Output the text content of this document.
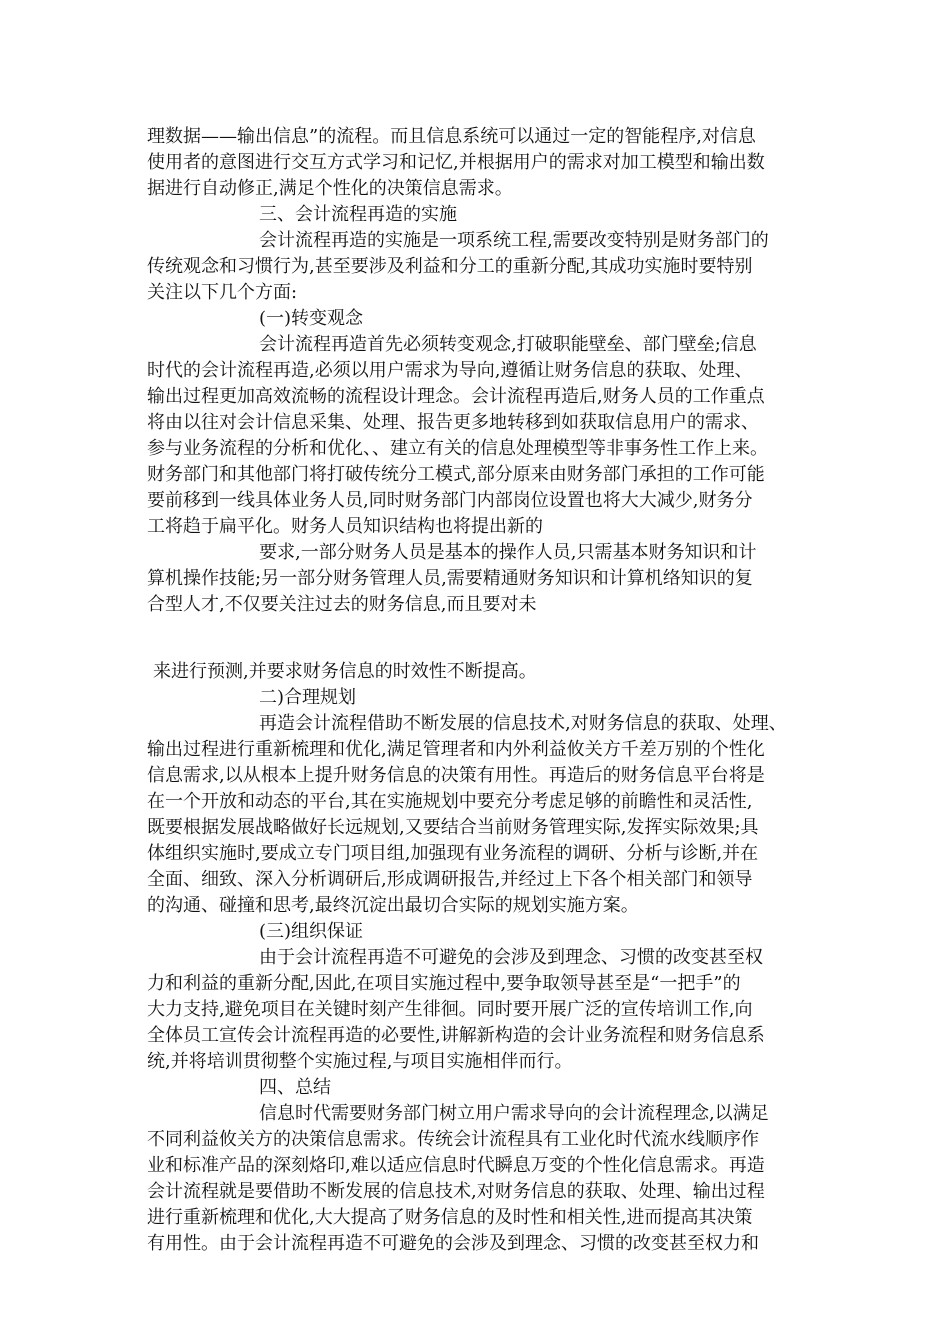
理数据——输出信息”的流程。而且信息系统可以通过一定的智能程序,对信息

使用者的意图进行交互方式学习和记忆,并根据用户的需求对加工模型和输出数

据进行自动修正,满足个性化的决策信息需求。

三、会计流程再造的实施

会计流程再造的实施是一项系统工程,需要改变特别是财务部门的

传统观念和习惯行为,甚至要涉及利益和分工的重新分配,其成功实施时要特别

关注以下几个方面:

(一)转变观念

会计流程再造首先必须转变观念,打破职能壁垒、部门壁垒;信息

时代的会计流程再造,必须以用户需求为导向,遵循让财务信息的获取、处理、

输出过程更加高效流畅的流程设计理念。会计流程再造后,财务人员的工作重点

将由以往对会计信息采集、处理、报告更多地转移到如获取信息用户的需求、

参与业务流程的分析和优化、、建立有关的信息处理模型等非事务性工作上来。

财务部门和其他部门将打破传统分工模式,部分原来由财务部门承担的工作可能

要前移到一线具体业务人员,同时财务部门内部岗位设置也将大大减少,财务分

工将趋于扁平化。财务人员知识结构也将提出新的

要求,一部分财务人员是基本的操作人员,只需基本财务知识和计

算机操作技能;另一部分财务管理人员,需要精通财务知识和计算机络知识的复

合型人才,不仅要关注过去的财务信息,而且要对未

来进行预测,并要求财务信息的时效性不断提高。

二)合理规划

再造会计流程借助不断发展的信息技术,对财务信息的获取、处理、

输出过程进行重新梳理和优化,满足管理者和内外利益攸关方千差万别的个性化

信息需求,以从根本上提升财务信息的决策有用性。再造后的财务信息平台将是

在一个开放和动态的平台,其在实施规划中要充分考虑足够的前瞻性和灵活性,

既要根据发展战略做好长远规划,又要结合当前财务管理实际,发挥实际效果;具

体组织实施时,要成立专门项目组,加强现有业务流程的调研、分析与诊断,并在

全面、细致、深入分析调研后,形成调研报告,并经过上下各个相关部门和领导

的沟通、碰撞和思考,最终沉淀出最切合实际的规划实施方案。

(三)组织保证

由于会计流程再造不可避免的会涉及到理念、习惯的改变甚至权

力和利益的重新分配,因此,在项目实施过程中,要争取领导甚至是“一把手”的

大力支持,避免项目在关键时刻产生徘徊。同时要开展广泛的宣传培训工作,向

全体员工宣传会计流程再造的必要性,讲解新构造的会计业务流程和财务信息系

统,并将培训贯彻整个实施过程,与项目实施相伴而行。

四、总结

信息时代需要财务部门树立用户需求导向的会计流程理念,以满足

不同利益攸关方的决策信息需求。传统会计流程具有工业化时代流水线顺序作

业和标准产品的深刻烙印,难以适应信息时代瞬息万变的个性化信息需求。再造

会计流程就是要借助不断发展的信息技术,对财务信息的获取、处理、输出过程

进行重新梳理和优化,大大提高了财务信息的及时性和相关性,进而提高其决策

有用性。由于会计流程再造不可避免的会涉及到理念、习惯的改变甚至权力和
